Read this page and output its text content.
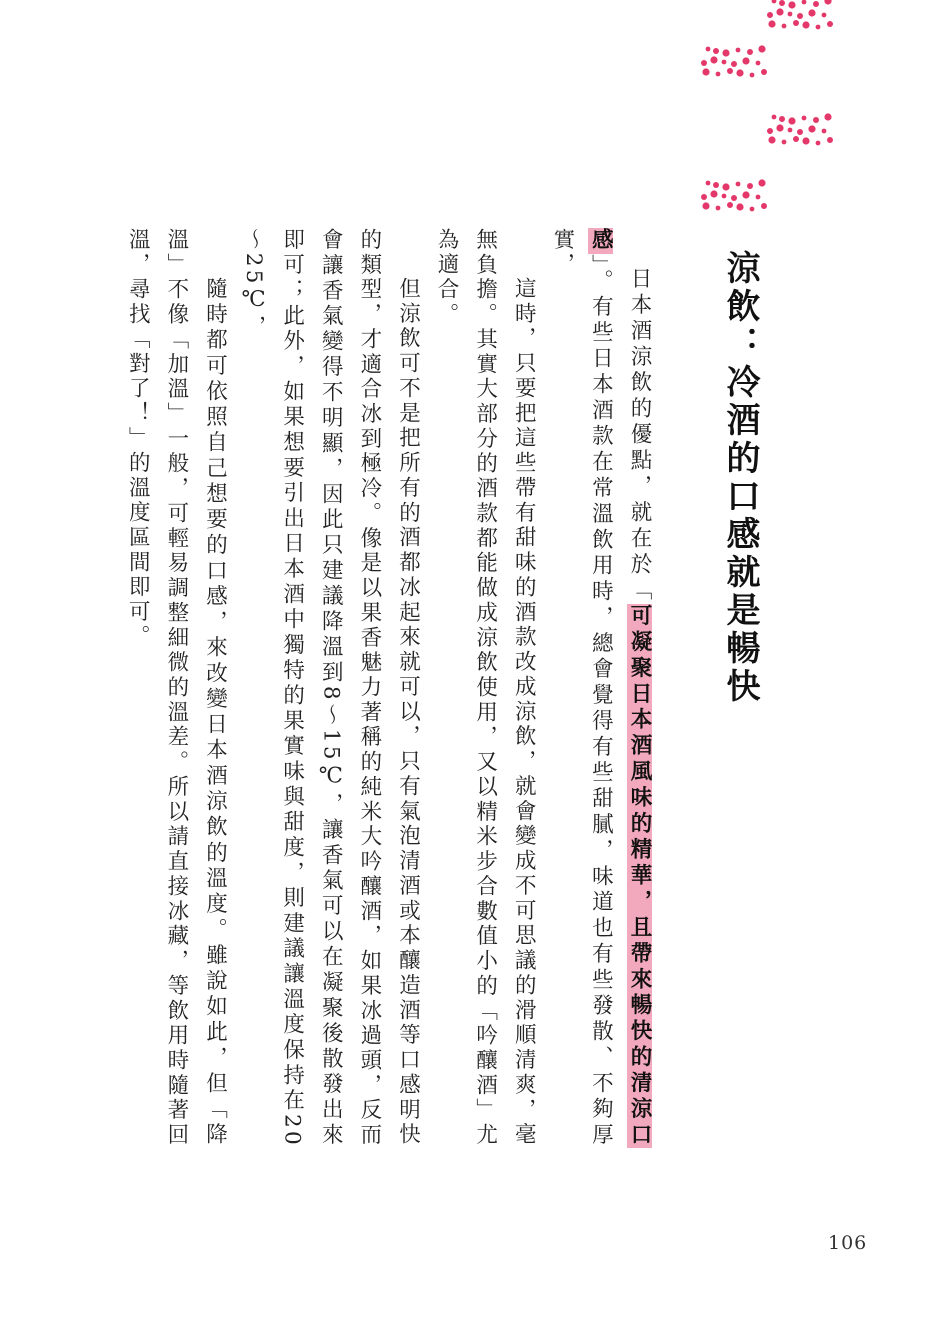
涼飲：冷酒的口感就是暢快

日本酒涼飲的優點，就在於「可凝聚日本酒風味的精華，且帶來暢快的清涼口感」。有些日本酒款在常溫飲用時，總會覺得有些甜膩，味道也有些發散、不夠厚實，

這時，只要把這些帶有甜味的酒款改成涼飲，就會變成不可思議的滑順清爽，毫無負擔。其實大部分的酒款都能做成涼飲使用，又以精米步合數值小的「吟釀酒」尤為適合。

但涼飲可不是把所有的酒都冰起來就可以，只有氣泡清酒或本釀造酒等口感明快的類型，才適合冰到極冷。像是以果香魅力著稱的純米大吟釀酒，如果冰過頭，反而會讓香氣變得不明顯，因此只建議降溫到8～15℃，讓香氣可以在凝聚後散發出來即可；此外，如果想要引出日本酒中獨特的果實味與甜度，則建議讓溫度保持在20～25℃，

隨時都可依照自己想要的口感，來改變日本酒涼飲的溫度。雖說如此，但「降溫」不像「加溫」一般，可輕易調整細微的溫差。所以請直接冰藏，等飲用時隨著回溫，尋找「對了！」的溫度區間即可。

106
